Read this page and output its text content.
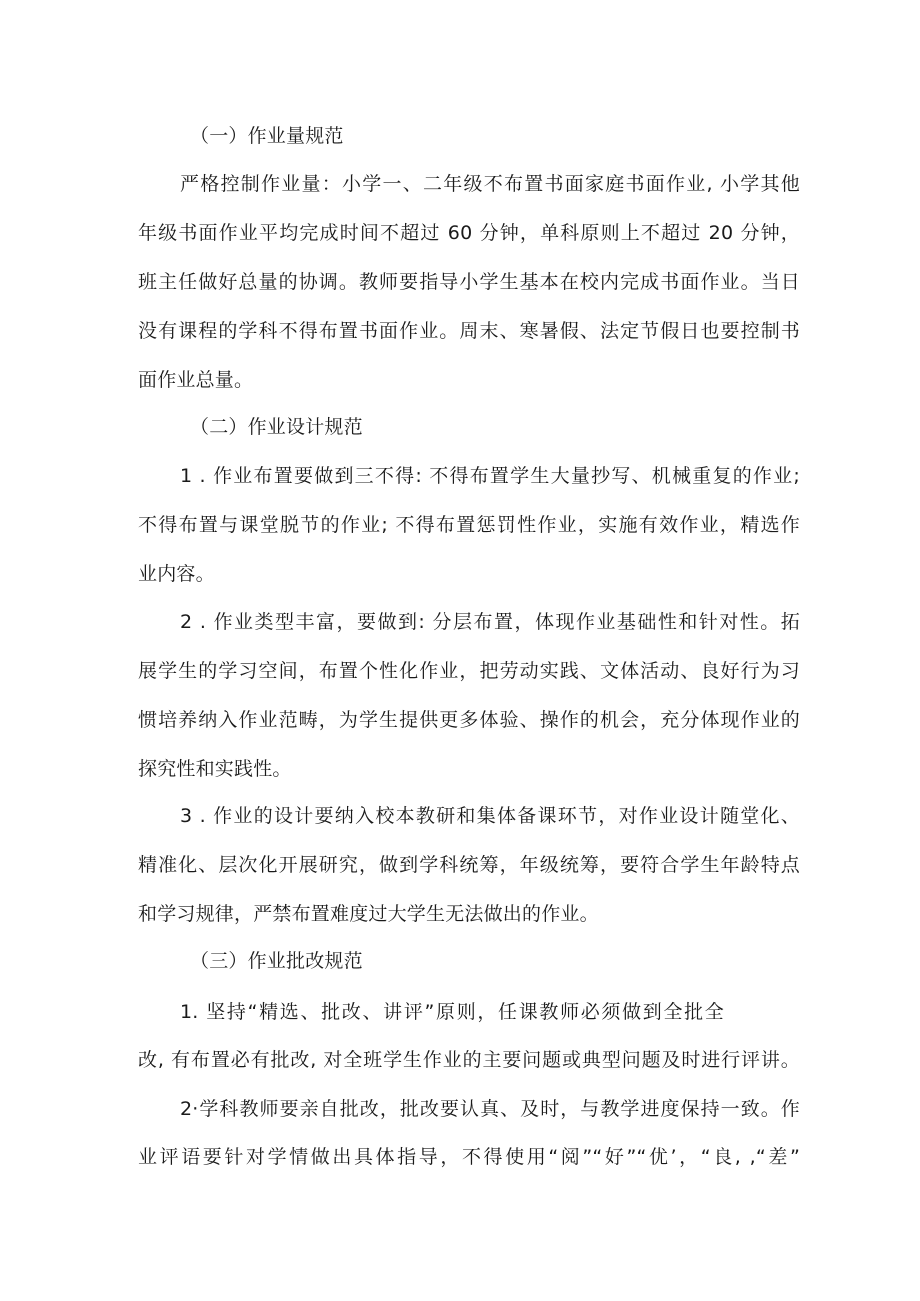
（一）作业量规范

严格控制作业量：小学一、二年级不布置书面家庭书面作业, 小学其他

年级书面作业平均完成时间不超过 60 分钟，单科原则上不超过 20 分钟，

班主任做好总量的协调。教师要指导小学生基本在校内完成书面作业。当日

没有课程的学科不得布置书面作业。周末、寒暑假、法定节假日也要控制书

面作业总量。

（二）作业设计规范

1 . 作业布置要做到三不得: 不得布置学生大量抄写、机械重复的作业;

不得布置与课堂脱节的作业; 不得布置惩罚性作业，实施有效作业，精选作

业内容。

2 . 作业类型丰富，要做到: 分层布置，体现作业基础性和针对性。拓

展学生的学习空间，布置个性化作业，把劳动实践、文体活动、良好行为习

惯培养纳入作业范畴，为学生提供更多体验、操作的机会，充分体现作业的

探究性和实践性。

3 . 作业的设计要纳入校本教研和集体备课环节，对作业设计随堂化、

精准化、层次化开展研究，做到学科统筹，年级统筹，要符合学生年龄特点

和学习规律，严禁布置难度过大学生无法做出的作业。

（三）作业批改规范

1. 坚持“精选、批改、讲评”原则，任课教师必须做到全批全

改, 有布置必有批改, 对全班学生作业的主要问题或典型问题及时进行评讲。

2·学科教师要亲自批改，批改要认真、及时，与教学进度保持一致。作

业评语要针对学情做出具体指导，不得使用“阅”“好”“优’，“良, ,“差”
